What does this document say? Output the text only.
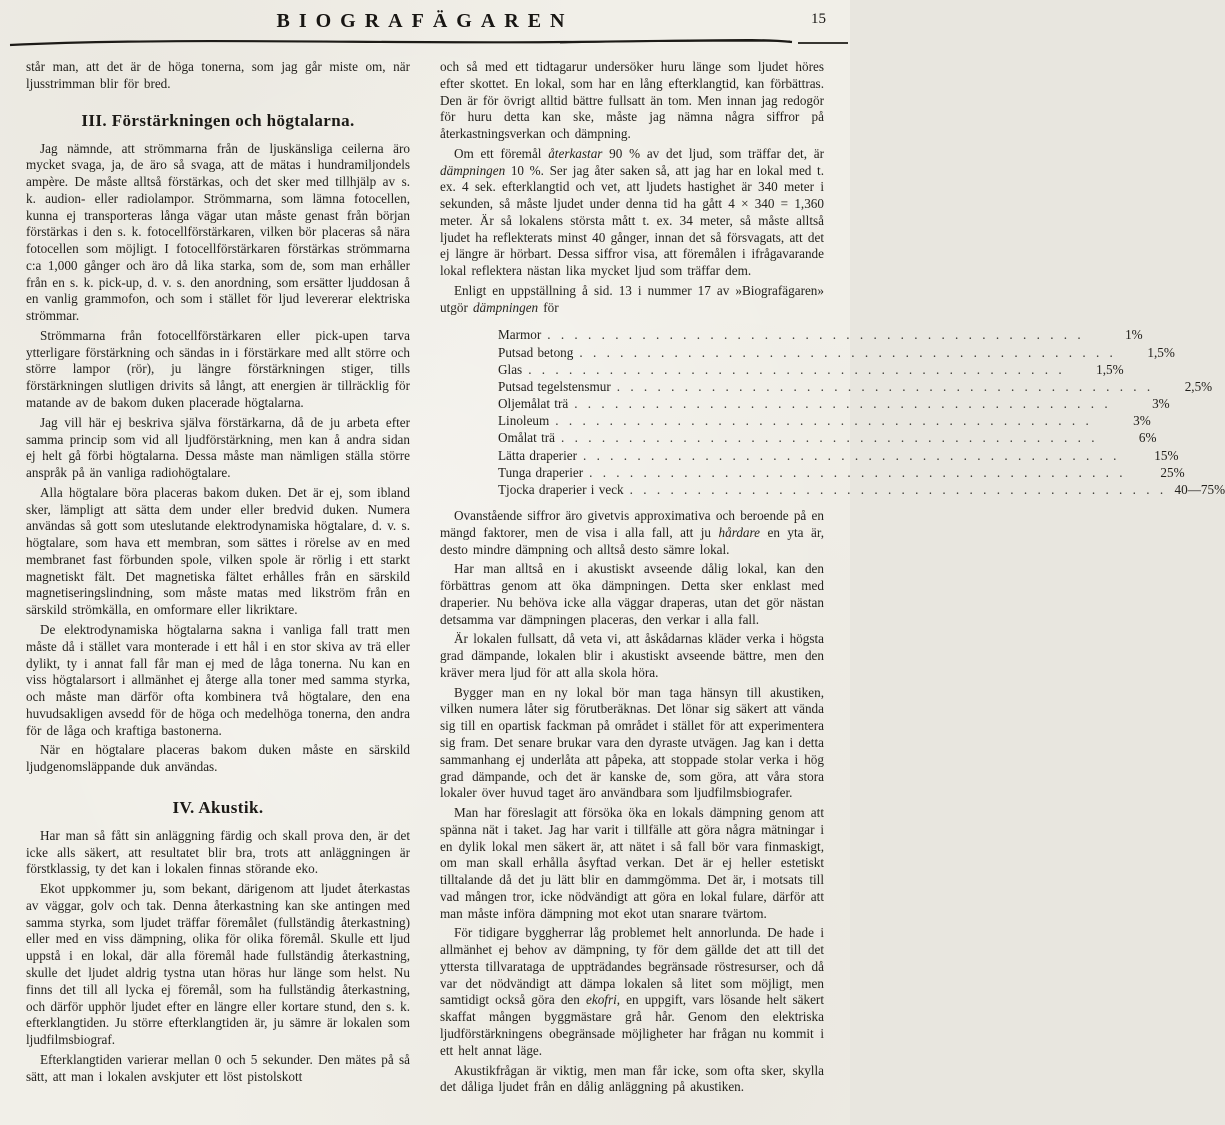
15
BIOGRAFÄGAREN

står man, att det är de höga tonerna, som jag går miste om, när ljusstrimman blir för bred.

III. Förstärkningen och högtalarna.

Jag nämnde, att strömmarna från de ljuskänsliga ceilerna äro mycket svaga, ja, de äro så svaga, att de mätas i hundramiljondels ampère. De måste alltså förstärkas, och det sker med tillhjälp av s. k. audion- eller radiolampor. Strömmarna, som lämna fotocellen, kunna ej transporteras långa vägar utan måste genast från början förstärkas i den s. k. fotocellförstärkaren, vilken bör placeras så nära fotocellen som möjligt. I fotocellförstärkaren förstärkas strömmarna c:a 1,000 gånger och äro då lika starka, som de, som man erhåller från en s. k. pick-up, d. v. s. den anordning, som ersätter ljuddosan å en vanlig grammofon, och som i stället för ljud levererar elektriska strömmar.

Strömmarna från fotocellförstärkaren eller pick-upen tarva ytterligare förstärkning och sändas in i förstärkare med allt större och större lampor (rör), ju längre förstärkningen stiger, tills förstärkningen slutligen drivits så långt, att energien är tillräcklig för matande av de bakom duken placerade högtalarna.

Jag vill här ej beskriva själva förstärkarna, då de ju arbeta efter samma princip som vid all ljudförstärkning, men kan å andra sidan ej helt gå förbi högtalarna. Dessa måste man nämligen ställa större anspråk på än vanliga radiohögtalare.

Alla högtalare böra placeras bakom duken. Det är ej, som ibland sker, lämpligt att sätta dem under eller bredvid duken. Numera användas så gott som uteslutande elektrodynamiska högtalare, d. v. s. högtalare, som hava ett membran, som sättes i rörelse av en med membranet fast förbunden spole, vilken spole är rörlig i ett starkt magnetiskt fält. Det magnetiska fältet erhålles från en särskild magnetiseringslindning, som måste matas med likström från en särskild strömkälla, en omformare eller likriktare.

De elektrodynamiska högtalarna sakna i vanliga fall tratt men måste då i stället vara monterade i ett hål i en stor skiva av trä eller dylikt, ty i annat fall får man ej med de låga tonerna. Nu kan en viss högtalarsort i allmänhet ej återge alla toner med samma styrka, och måste man därför ofta kombinera två högtalare, den ena huvudsakligen avsedd för de höga och medelhöga tonerna, den andra för de låga och kraftiga bastonerna.

När en högtalare placeras bakom duken måste en särskild ljudgenomsläppande duk användas.

IV. Akustik.

Har man så fått sin anläggning färdig och skall prova den, är det icke alls säkert, att resultatet blir bra, trots att anläggningen är förstklassig, ty det kan i lokalen finnas störande eko.

Ekot uppkommer ju, som bekant, därigenom att ljudet återkastas av väggar, golv och tak. Denna återkastning kan ske antingen med samma styrka, som ljudet träffar föremålet (fullständig återkastning) eller med en viss dämpning, olika för olika föremål. Skulle ett ljud uppstå i en lokal, där alla föremål hade fullständig återkastning, skulle det ljudet aldrig tystna utan höras hur länge som helst. Nu finns det till all lycka ej föremål, som ha fullständig återkastning, och därför upphör ljudet efter en längre eller kortare stund, den s. k. efterklangtiden. Ju större efterklangtiden är, ju sämre är lokalen som ljudfilmsbiograf.

Efterklangtiden varierar mellan 0 och 5 sekunder. Den mätes på så sätt, att man i lokalen avskjuter ett löst pistolskott

och så med ett tidtagarur undersöker huru länge som ljudet höres efter skottet. En lokal, som har en lång efterklangtid, kan förbättras. Den är för övrigt alltid bättre fullsatt än tom. Men innan jag redogör för huru detta kan ske, måste jag nämna några siffror på återkastningsverkan och dämpning.

Om ett föremål återkastar 90 % av det ljud, som träffar det, är dämpningen 10 %. Ser jag åter saken så, att jag har en lokal med t. ex. 4 sek. efterklangtid och vet, att ljudets hastighet är 340 meter i sekunden, så måste ljudet under denna tid ha gått 4 × 340 = 1,360 meter. Är så lokalens största mått t. ex. 34 meter, så måste alltså ljudet ha reflekterats minst 40 gånger, innan det så försvagats, att det ej längre är hörbart. Dessa siffror visa, att föremålen i ifrågavarande lokal reflektera nästan lika mycket ljud som träffar dem.

Enligt en uppställning å sid. 13 i nummer 17 av »Biografägaren» utgör dämpningen för

Marmor . . . . . . . . . . . . . . . . . . . . . . . . . . . . . . . . . . . . . . . .	1 %
Putsad betong . . . . . . . . . . . . . . . . . . . . . . . . . . . . . . . . . . . . . . . .	1,5 %
Glas . . . . . . . . . . . . . . . . . . . . . . . . . . . . . . . . . . . . . . . .	1,5 %
Putsad tegelstensmur . . . . . . . . . . . . . . . . . . . . . . . . . . . . . . . . . . . . . . . .	2,5 %
Oljemålat trä . . . . . . . . . . . . . . . . . . . . . . . . . . . . . . . . . . . . . . . .	3 %
Linoleum . . . . . . . . . . . . . . . . . . . . . . . . . . . . . . . . . . . . . . . .	3 %
Omålat trä . . . . . . . . . . . . . . . . . . . . . . . . . . . . . . . . . . . . . . . .	6 %
Lätta draperier . . . . . . . . . . . . . . . . . . . . . . . . . . . . . . . . . . . . . . . .	15 %
Tunga draperier . . . . . . . . . . . . . . . . . . . . . . . . . . . . . . . . . . . . . . . .	25 %
Tjocka draperier i veck . . . . . . . . . . . . . . . . . . . . . . . . . . . . . . . . . . . . . . . . 40—75 %

Ovanstående siffror äro givetvis approximativa och beroende på en mängd faktorer, men de visa i alla fall, att ju hårdare en yta är, desto mindre dämpning och alltså desto sämre lokal.

Har man alltså en i akustiskt avseende dålig lokal, kan den förbättras genom att öka dämpningen. Detta sker enklast med draperier. Nu behöva icke alla väggar draperas, utan det gör nästan detsamma var dämpningen placeras, den verkar i alla fall.

Är lokalen fullsatt, då veta vi, att åskådarnas kläder verka i högsta grad dämpande, lokalen blir i akustiskt avseende bättre, men den kräver mera ljud för att alla skola höra.

Bygger man en ny lokal bör man taga hänsyn till akustiken, vilken numera låter sig förutberäknas. Det lönar sig säkert att vända sig till en opartisk fackman på området i stället för att experimentera sig fram. Det senare brukar vara den dyraste utvägen. Jag kan i detta sammanhang ej underlåta att påpeka, att stoppade stolar verka i hög grad dämpande, och det är kanske de, som göra, att våra stora lokaler över huvud taget äro användbara som ljudfilmsbiografer.

Man har föreslagit att försöka öka en lokals dämpning genom att spänna nät i taket. Jag har varit i tillfälle att göra några mätningar i en dylik lokal men säkert är, att nätet i så fall bör vara finmaskigt, om man skall erhålla åsyftad verkan. Det är ej heller estetiskt tilltalande då det ju lätt blir en dammgömma. Det är, i motsats till vad mången tror, icke nödvändigt att göra en lokal fulare, därför att man måste införa dämpning mot ekot utan snarare tvärtom.

För tidigare byggherrar låg problemet helt annorlunda. De hade i allmänhet ej behov av dämpning, ty för dem gällde det att till det yttersta tillvarataga de uppträdandes begränsade röstresurser, och då var det nödvändigt att dämpa lokalen så litet som möjligt, men samtidigt också göra den ekofri, en uppgift, vars lösande helt säkert skaffat mången byggmästare grå hår. Genom den elektriska ljudförstärkningens obegränsade möjligheter har frågan nu kommit i ett helt annat läge.

Akustikfrågan är viktig, men man får icke, som ofta sker, skylla det dåliga ljudet från en dålig anläggning på akustiken.
